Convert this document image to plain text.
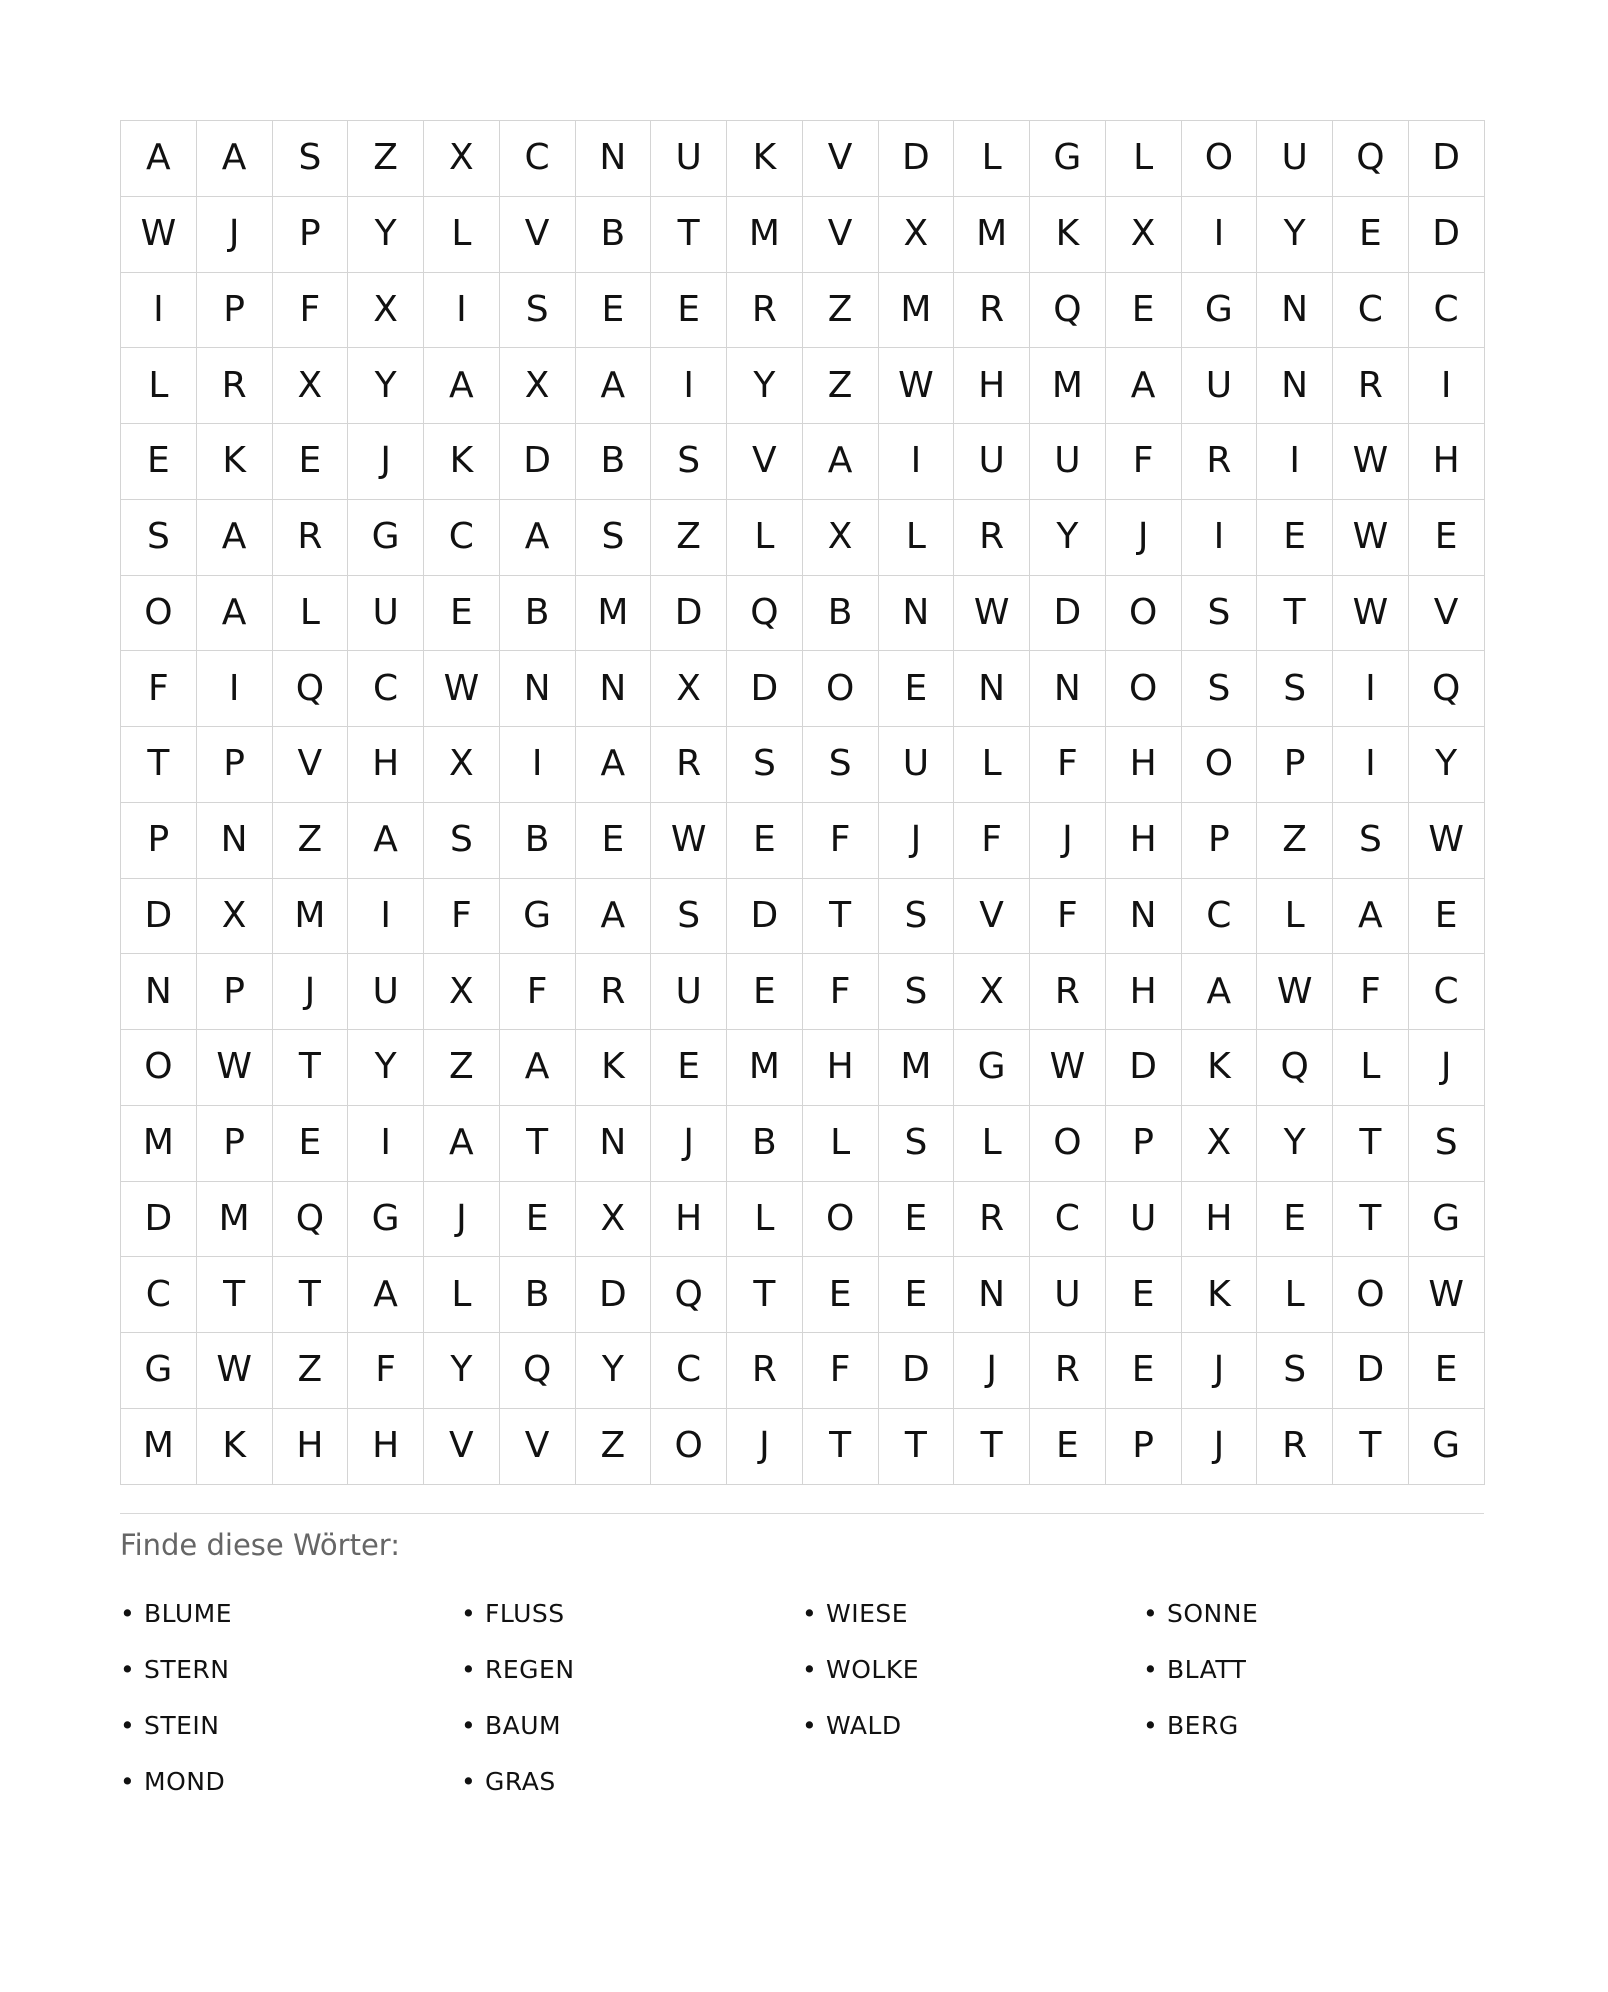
A	A	S	Z	X	C	N	U	K	V	D	L	G	L	O	U	Q	D
W	J	P	Y	L	V	B	T	M	V	X	M	K	X	I	Y	E	D
I	P	F	X	I	S	E	E	R	Z	M	R	Q	E	G	N	C	C
L	R	X	Y	A	X	A	I	Y	Z	W	H	M	A	U	N	R	I
E	K	E	J	K	D	B	S	V	A	I	U	U	F	R	I	W	H
S	A	R	G	C	A	S	Z	L	X	L	R	Y	J	I	E	W	E
O	A	L	U	E	B	M	D	Q	B	N	W	D	O	S	T	W	V
F	I	Q	C	W	N	N	X	D	O	E	N	N	O	S	S	I	Q
T	P	V	H	X	I	A	R	S	S	U	L	F	H	O	P	I	Y
P	N	Z	A	S	B	E	W	E	F	J	F	J	H	P	Z	S	W
D	X	M	I	F	G	A	S	D	T	S	V	F	N	C	L	A	E
N	P	J	U	X	F	R	U	E	F	S	X	R	H	A	W	F	C
O	W	T	Y	Z	A	K	E	M	H	M	G	W	D	K	Q	L	J
M	P	E	I	A	T	N	J	B	L	S	L	O	P	X	Y	T	S
D	M	Q	G	J	E	X	H	L	O	E	R	C	U	H	E	T	G
C	T	T	A	L	B	D	Q	T	E	E	N	U	E	K	L	O	W
G	W	Z	F	Y	Q	Y	C	R	F	D	J	R	E	J	S	D	E
M	K	H	H	V	V	Z	O	J	T	T	T	E	P	J	R	T	G
Finde diese Wörter:
• BLUME	• FLUSS	• WIESE	• SONNE
• STERN	• REGEN	• WOLKE	• BLATT
• STEIN	• BAUM	• WALD	• BERG
• MOND	• GRAS
